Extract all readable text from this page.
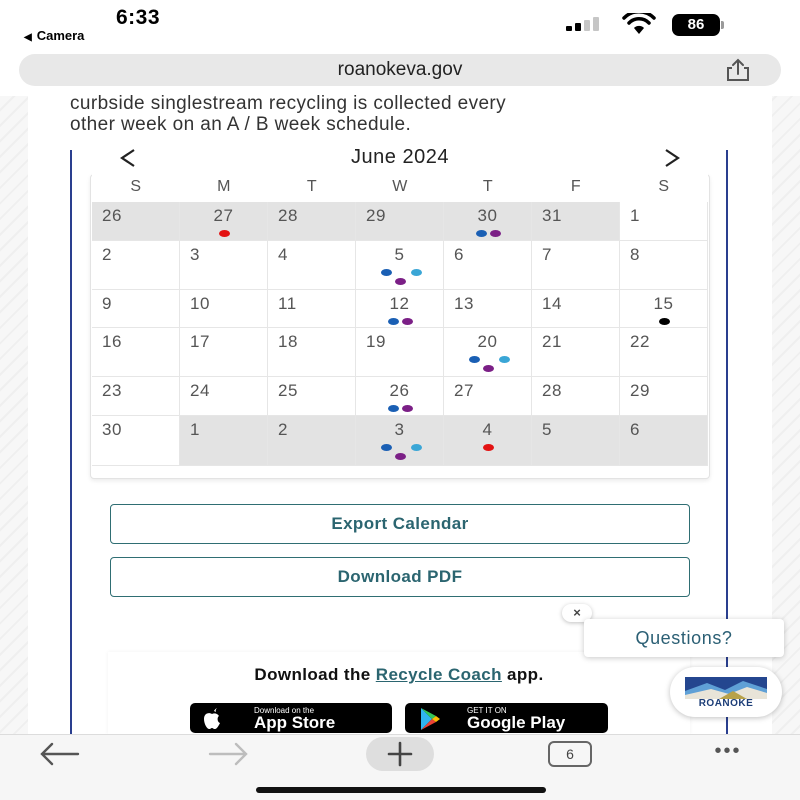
6:33
◀ Camera
86
roanokeva.gov
curbside singlestream recycling is collected every
other week on an A / B week schedule.
June 2024
S	M	T	W	T	F	S
26	27	28	29	30	31	1
2	3	4	5	6	7	8
9	10	11	12	13	14	15
16	17	18	19	20	21	22
23	24	25	26	27	28	29
30	1	2	3	4	5	6
Export Calendar
Download PDF
Download the Recycle Coach app.
Download on the
App Store
GET IT ON
Google Play
×
Questions?
ROANOKE
6	•••
